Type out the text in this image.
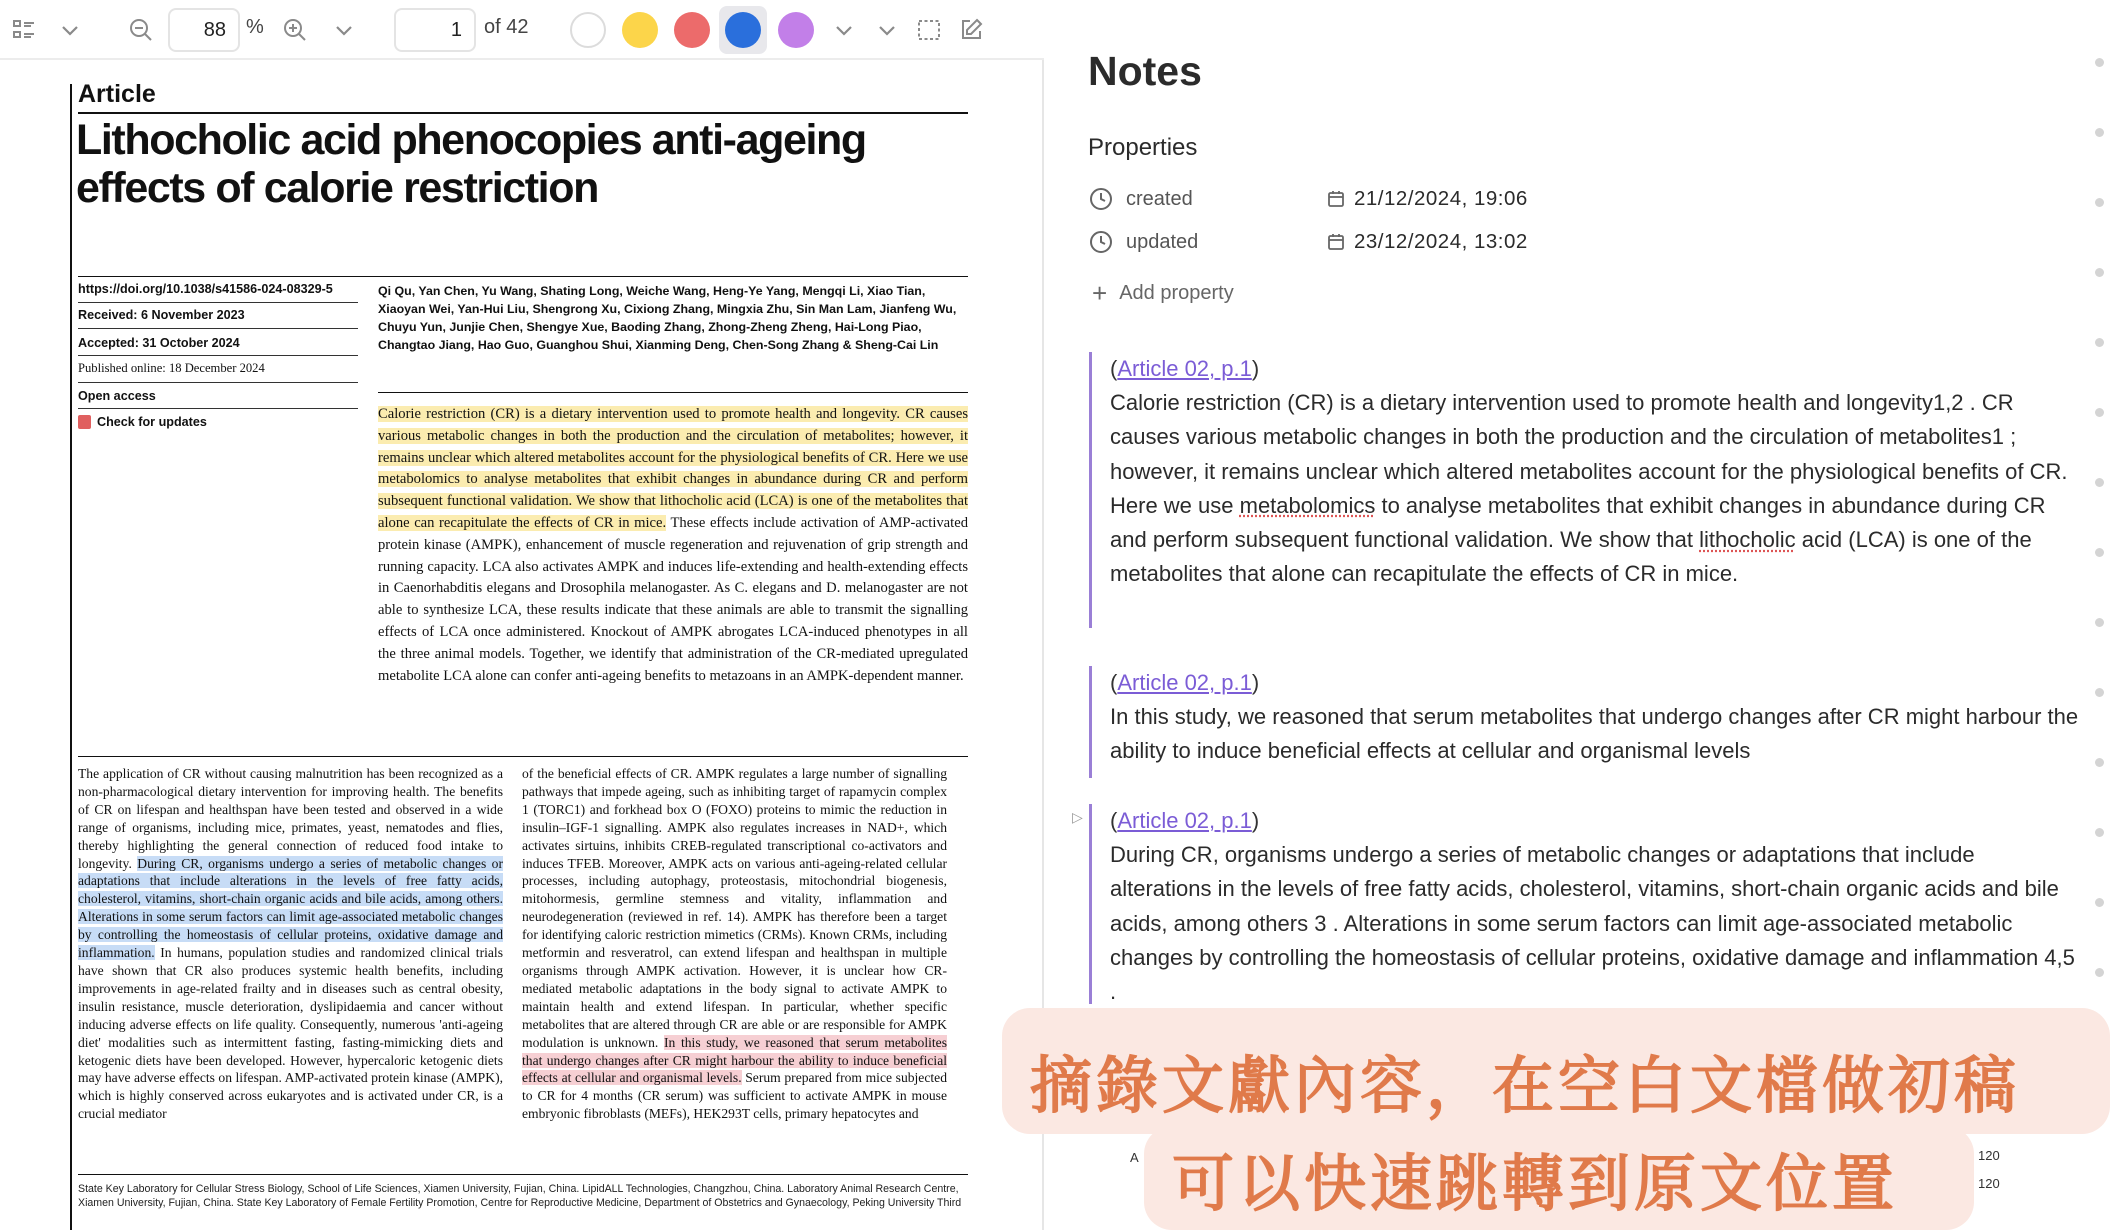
88	%	1	of 42
Article
Lithocholic acid phenocopies anti-ageing effects of calorie restriction
https://doi.org/10.1038/s41586-024-08329-5
Received: 6 November 2023
Accepted: 31 October 2024
Published online: 18 December 2024
Open access
Check for updates
Qi Qu, Yan Chen, Yu Wang, Shating Long, Weiche Wang, Heng-Ye Yang, Mengqi Li, Xiao Tian, Xiaoyan Wei, Yan-Hui Liu, Shengrong Xu, Cixiong Zhang, Mingxia Zhu, Sin Man Lam, Jianfeng Wu, Chuyu Yun, Junjie Chen, Shengye Xue, Baoding Zhang, Zhong-Zheng Zheng, Hai-Long Piao, Changtao Jiang, Hao Guo, Guanghou Shui, Xianming Deng, Chen-Song Zhang & Sheng-Cai Lin
Calorie restriction (CR) is a dietary intervention used to promote health and longevity. CR causes various metabolic changes in both the production and the circulation of metabolites; however, it remains unclear which altered metabolites account for the physiological benefits of CR. Here we use metabolomics to analyse metabolites that exhibit changes in abundance during CR and perform subsequent functional validation. We show that lithocholic acid (LCA) is one of the metabolites that alone can recapitulate the effects of CR in mice. These effects include activation of AMP-activated protein kinase (AMPK), enhancement of muscle regeneration and rejuvenation of grip strength and running capacity. LCA also activates AMPK and induces life-extending and health-extending effects in Caenorhabditis elegans and Drosophila melanogaster. As C. elegans and D. melanogaster are not able to synthesize LCA, these results indicate that these animals are able to transmit the signalling effects of LCA once administered. Knockout of AMPK abrogates LCA-induced phenotypes in all the three animal models. Together, we identify that administration of the CR-mediated upregulated metabolite LCA alone can confer anti-ageing benefits to metazoans in an AMPK-dependent manner.
The application of CR without causing malnutrition has been recognized as a non-pharmacological dietary intervention for improving health. The benefits of CR on lifespan and healthspan have been tested and observed in a wide range of organisms, including mice, primates, yeast, nematodes and flies, thereby highlighting the general connection of reduced food intake to longevity. During CR, organisms undergo a series of metabolic changes or adaptations that include alterations in the levels of free fatty acids, cholesterol, vitamins, short-chain organic acids and bile acids, among others. Alterations in some serum factors can limit age-associated metabolic changes by controlling the homeostasis of cellular proteins, oxidative damage and inflammation. In humans, population studies and randomized clinical trials have shown that CR also produces systemic health benefits, including improvements in age-related frailty and in diseases such as central obesity, insulin resistance, muscle deterioration, dyslipidaemia and cancer without inducing adverse effects on life quality. Consequently, numerous 'anti-ageing diet' modalities such as intermittent fasting, fasting-mimicking diets and ketogenic diets have been developed. However, hypercaloric ketogenic diets may have adverse effects on lifespan. AMP-activated protein kinase (AMPK), which is highly conserved across eukaryotes and is activated under CR, is a crucial mediator
of the beneficial effects of CR. AMPK regulates a large number of signalling pathways that impede ageing, such as inhibiting target of rapamycin complex 1 (TORC1) and forkhead box O (FOXO) proteins to mimic the reduction in insulin–IGF-1 signalling. AMPK also regulates increases in NAD+, which activates sirtuins, inhibits CREB-regulated transcriptional co-activators and induces TFEB. Moreover, AMPK acts on various anti-ageing-related cellular processes, including autophagy, proteostasis, mitochondrial biogenesis, mitohormesis, germline stemness and vitality, inflammation and neurodegeneration (reviewed in ref. 14). AMPK has therefore been a target for identifying caloric restriction mimetics (CRMs). Known CRMs, including metformin and resveratrol, can extend lifespan and healthspan in multiple organisms through AMPK activation. However, it is unclear how CR-mediated metabolic adaptations in the body signal to activate AMPK to maintain health and extend lifespan. In particular, whether specific metabolites that are altered through CR are able or are responsible for AMPK modulation is unknown. In this study, we reasoned that serum metabolites that undergo changes after CR might harbour the ability to induce beneficial effects at cellular and organismal levels. Serum prepared from mice subjected to CR for 4 months (CR serum) was sufficient to activate AMPK in mouse embryonic fibroblasts (MEFs), HEK293T cells, primary hepatocytes and
State Key Laboratory for Cellular Stress Biology, School of Life Sciences, Xiamen University, Fujian, China. LipidALL Technologies, Changzhou, China. Laboratory Animal Research Centre, Xiamen University, Fujian, China. State Key Laboratory of Female Fertility Promotion, Centre for Reproductive Medicine, Department of Obstetrics and Gynaecology, Peking University Third
Notes
Properties
created	21/12/2024, 19:06
updated	23/12/2024, 13:02
+ Add property
(Article 02, p.1)
Calorie restriction (CR) is a dietary intervention used to promote health and longevity1,2 . CR causes various metabolic changes in both the production and the circulation of metabolites1 ; however, it remains unclear which altered metabolites account for the physiological benefits of CR. Here we use metabolomics to analyse metabolites that exhibit changes in abundance during CR and perform subsequent functional validation. We show that lithocholic acid (LCA) is one of the metabolites that alone can recapitulate the effects of CR in mice.
(Article 02, p.1)
In this study, we reasoned that serum metabolites that undergo changes after CR might harbour the ability to induce beneficial effects at cellular and organismal levels
▷ (Article 02, p.1)
During CR, organisms undergo a series of metabolic changes or adaptations that include alterations in the levels of free fatty acids, cholesterol, vitamins, short-chain organic acids and bile acids, among others 3 . Alterations in some serum factors can limit age-associated metabolic changes by controlling the homeostasis of cellular proteins, oxidative damage and inflammation 4,5 .
A	120
120
摘錄文獻內容，在空白文檔做初稿
可以快速跳轉到原文位置
